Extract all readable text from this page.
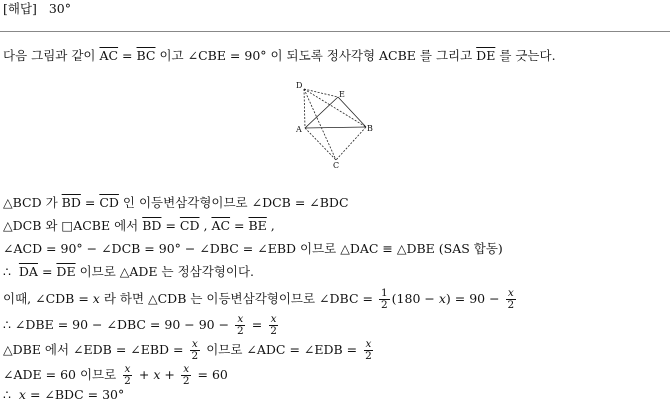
[해답] 30°
다음 그림과 같이 $\overline{AC} = \overline{BC}$ 이고 ∠CBE = 90° 이 되도록 정사각형 ACBE 를 그리고 $\overline{DE}$ 를 긋는다.
D
E
A	B
C
△BCD 가 $\overline{BD} = \overline{CD}$ 인 이등변삼각형이므로 ∠DCB = ∠BDC
△DCB 와 □ACBE 에서 $\overline{BD} = \overline{CD}$ , $\overline{AC} = \overline{BE}$ ,
∠ACD = 90° − ∠DCB = 90° − ∠DBC = ∠EBD 이므로 △DAC ≡ △DBE (SAS 합동)
∴ $\overline{DA} = \overline{DE}$ 이므로 △ADE 는 정삼각형이다.
이때, ∠CDB = x 라 하면 △CDB 는 이등변삼각형이므로 ∠DBC = $\frac{1}{2} (180 - x) = 90 - \frac{x}{2}$
∴ ∠DBE = 90 − ∠DBC = $90 - 90 - \frac{x}{2} = \frac{x}{2}$
△DBE 에서 ∠EDB = ∠EBD = $\frac{x}{2}$ 이므로 ∠ADC = ∠EDB = $\frac{x}{2}$
∠ADE = 60 이므로 $\frac{x}{2} + x + \frac{x}{2} = 60$
∴ x = ∠BDC = 30°
